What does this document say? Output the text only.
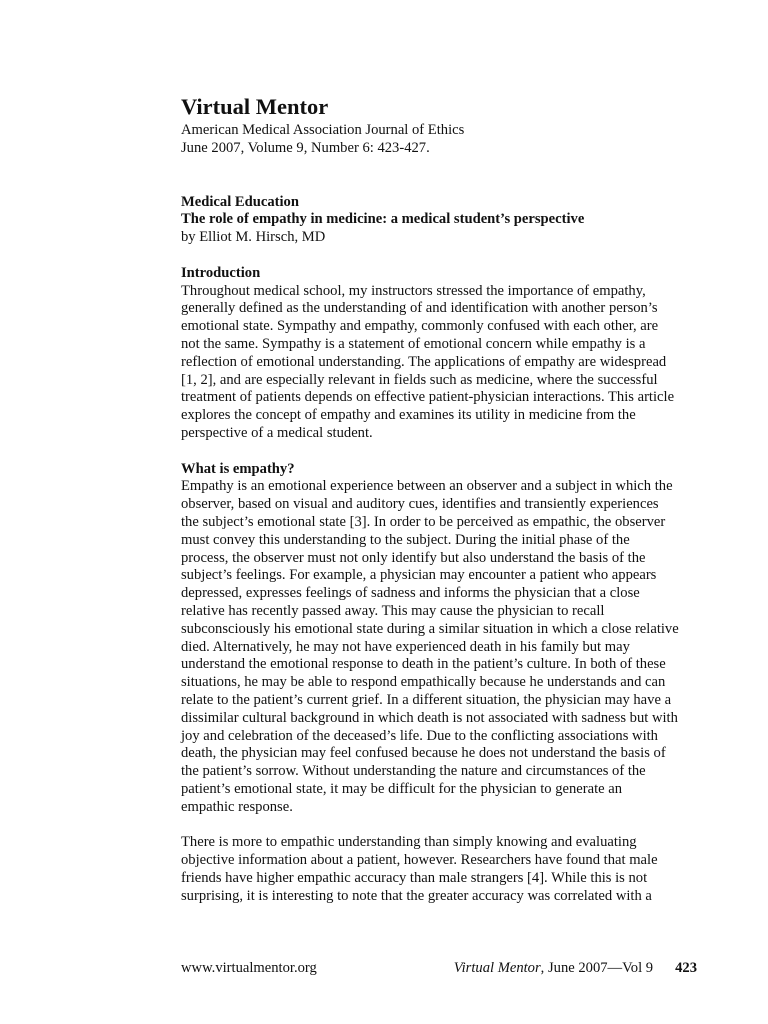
Virtual Mentor

American Medical Association Journal of Ethics

June 2007, Volume 9, Number 6: 423-427.

Medical Education

The role of empathy in medicine: a medical student’s perspective

by Elliot M. Hirsch, MD

Introduction

Throughout medical school, my instructors stressed the importance of empathy,
generally defined as the understanding of and identification with another person’s
emotional state. Sympathy and empathy, commonly confused with each other, are
not the same. Sympathy is a statement of emotional concern while empathy is a
reflection of emotional understanding. The applications of empathy are widespread
[1, 2], and are especially relevant in fields such as medicine, where the successful
treatment of patients depends on effective patient-physician interactions. This article
explores the concept of empathy and examines its utility in medicine from the
perspective of a medical student.

What is empathy?

Empathy is an emotional experience between an observer and a subject in which the
observer, based on visual and auditory cues, identifies and transiently experiences
the subject’s emotional state [3]. In order to be perceived as empathic, the observer
must convey this understanding to the subject. During the initial phase of the
process, the observer must not only identify but also understand the basis of the
subject’s feelings. For example, a physician may encounter a patient who appears
depressed, expresses feelings of sadness and informs the physician that a close
relative has recently passed away. This may cause the physician to recall
subconsciously his emotional state during a similar situation in which a close relative
died. Alternatively, he may not have experienced death in his family but may
understand the emotional response to death in the patient’s culture. In both of these
situations, he may be able to respond empathically because he understands and can
relate to the patient’s current grief. In a different situation, the physician may have a
dissimilar cultural background in which death is not associated with sadness but with
joy and celebration of the deceased’s life. Due to the conflicting associations with
death, the physician may feel confused because he does not understand the basis of
the patient’s sorrow. Without understanding the nature and circumstances of the
patient’s emotional state, it may be difficult for the physician to generate an
empathic response.

There is more to empathic understanding than simply knowing and evaluating
objective information about a patient, however. Researchers have found that male
friends have higher empathic accuracy than male strangers [4]. While this is not
surprising, it is interesting to note that the greater accuracy was correlated with a

www.virtualmentor.org	Virtual Mentor, June 2007—Vol 9 423
